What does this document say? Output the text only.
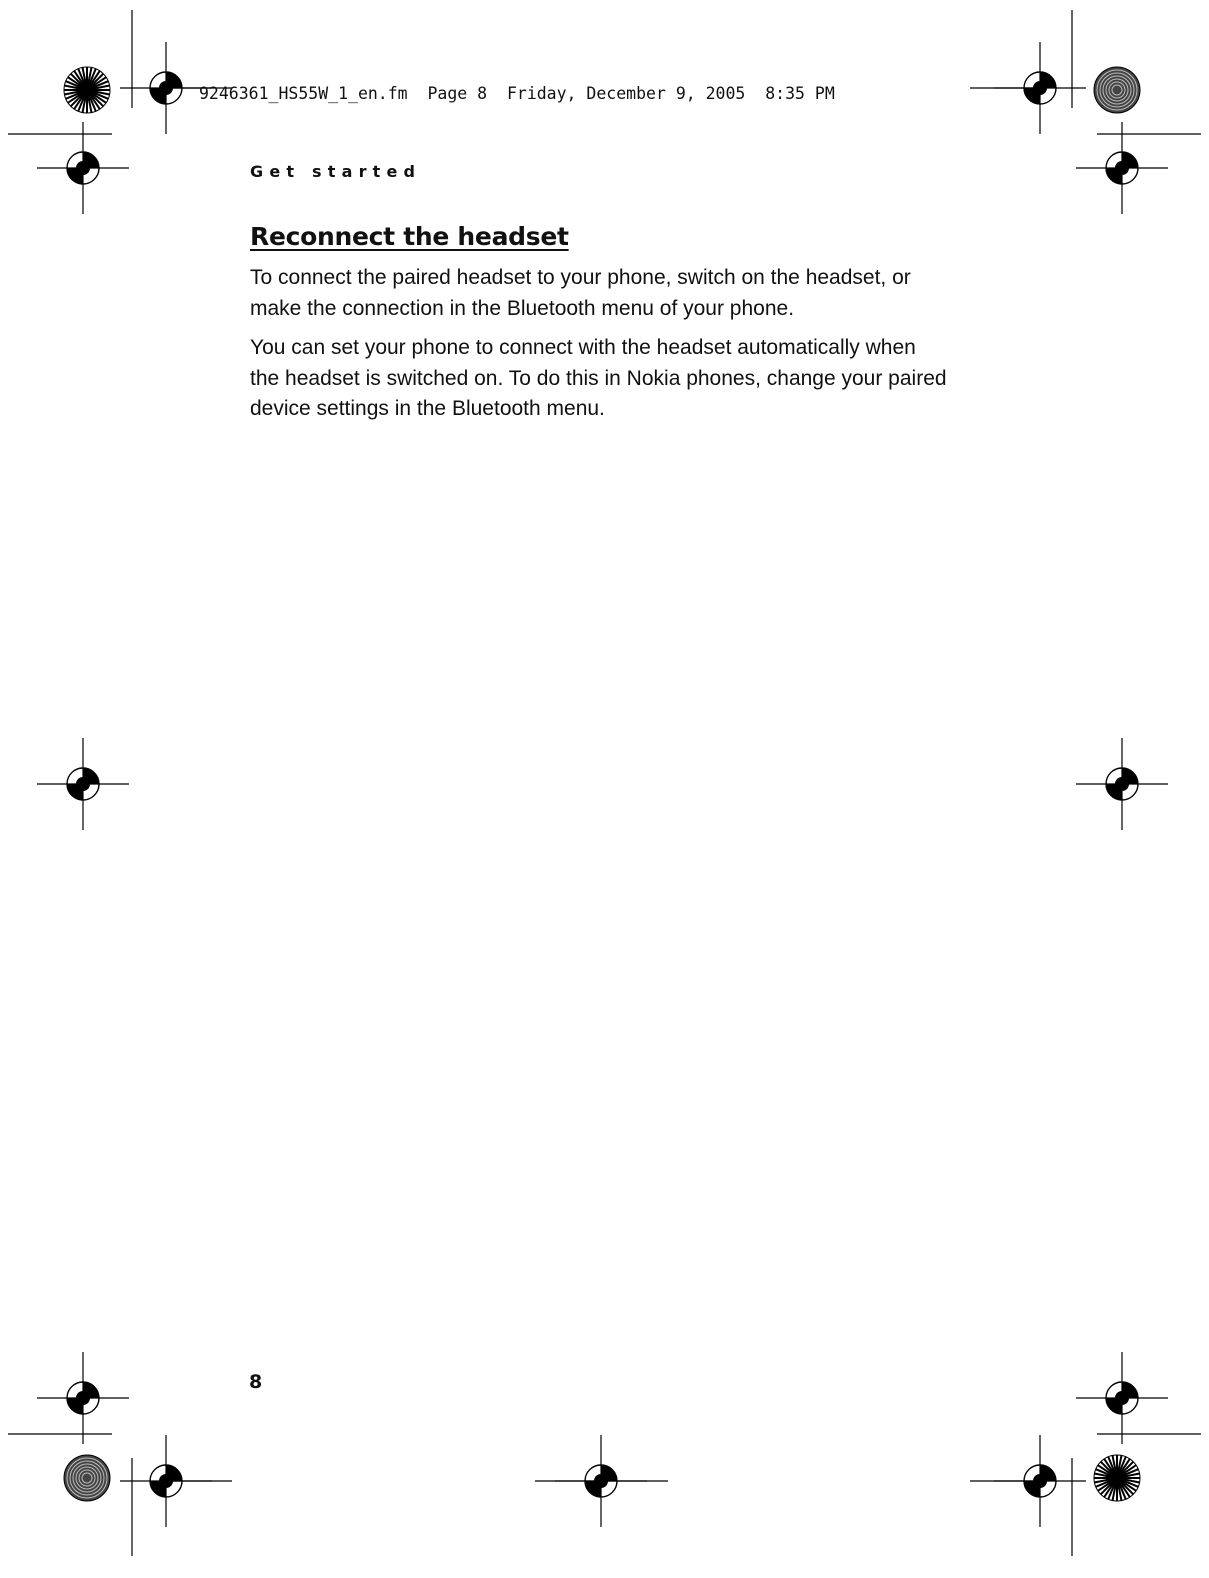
9246361_HS55W_1_en.fm  Page 8  Friday, December 9, 2005  8:35 PM
Get started
Reconnect the headset

To connect the paired headset to your phone, switch on the headset, or make the connection in the Bluetooth menu of your phone.

You can set your phone to connect with the headset automatically when the headset is switched on. To do this in Nokia phones, change your paired device settings in the Bluetooth menu.

8
